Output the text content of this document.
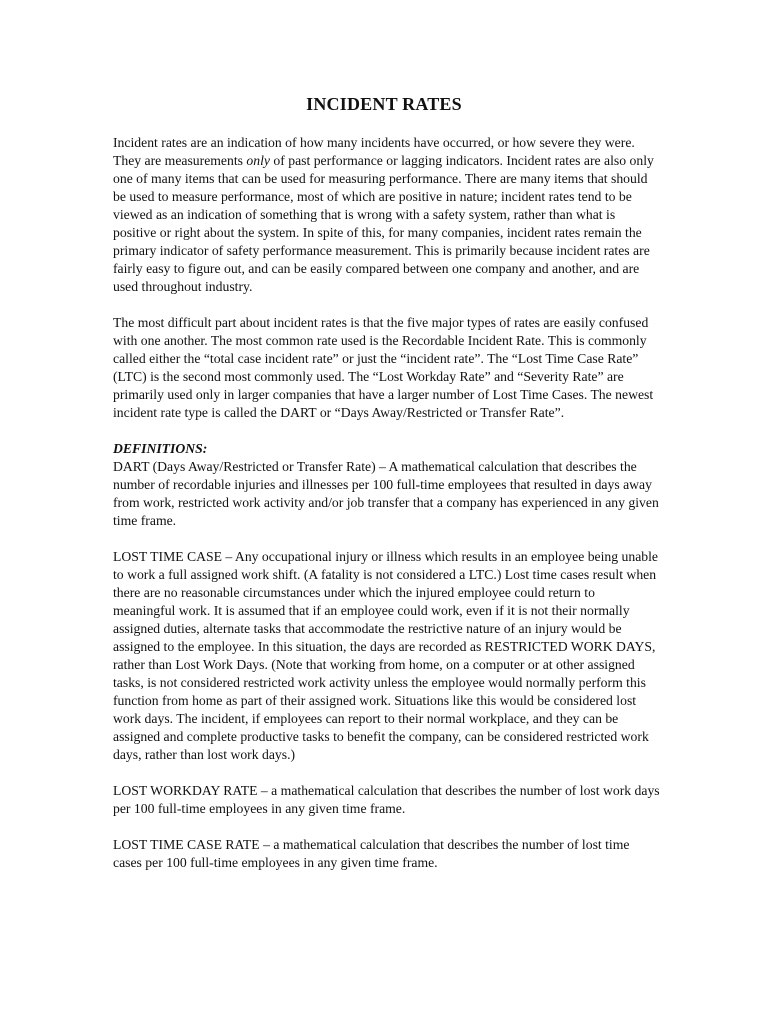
INCIDENT RATES

Incident rates are an indication of how many incidents have occurred, or how severe they were. They are measurements only of past performance or lagging indicators. Incident rates are also only one of many items that can be used for measuring performance. There are many items that should be used to measure performance, most of which are positive in nature; incident rates tend to be viewed as an indication of something that is wrong with a safety system, rather than what is positive or right about the system. In spite of this, for many companies, incident rates remain the primary indicator of safety performance measurement. This is primarily because incident rates are fairly easy to figure out, and can be easily compared between one company and another, and are used throughout industry.

The most difficult part about incident rates is that the five major types of rates are easily confused with one another. The most common rate used is the Recordable Incident Rate. This is commonly called either the “total case incident rate” or just the “incident rate”. The “Lost Time Case Rate” (LTC) is the second most commonly used. The “Lost Workday Rate” and “Severity Rate” are primarily used only in larger companies that have a larger number of Lost Time Cases. The newest incident rate type is called the DART or “Days Away/Restricted or Transfer Rate”.

DEFINITIONS:

DART (Days Away/Restricted or Transfer Rate) – A mathematical calculation that describes the number of recordable injuries and illnesses per 100 full-time employees that resulted in days away from work, restricted work activity and/or job transfer that a company has experienced in any given time frame.

LOST TIME CASE – Any occupational injury or illness which results in an employee being unable to work a full assigned work shift. (A fatality is not considered a LTC.) Lost time cases result when there are no reasonable circumstances under which the injured employee could return to meaningful work. It is assumed that if an employee could work, even if it is not their normally assigned duties, alternate tasks that accommodate the restrictive nature of an injury would be assigned to the employee. In this situation, the days are recorded as RESTRICTED WORK DAYS, rather than Lost Work Days. (Note that working from home, on a computer or at other assigned tasks, is not considered restricted work activity unless the employee would normally perform this function from home as part of their assigned work. Situations like this would be considered lost work days. The incident, if employees can report to their normal workplace, and they can be assigned and complete productive tasks to benefit the company, can be considered restricted work days, rather than lost work days.)

LOST WORKDAY RATE – a mathematical calculation that describes the number of lost work days per 100 full-time employees in any given time frame.

LOST TIME CASE RATE – a mathematical calculation that describes the number of lost time cases per 100 full-time employees in any given time frame.
